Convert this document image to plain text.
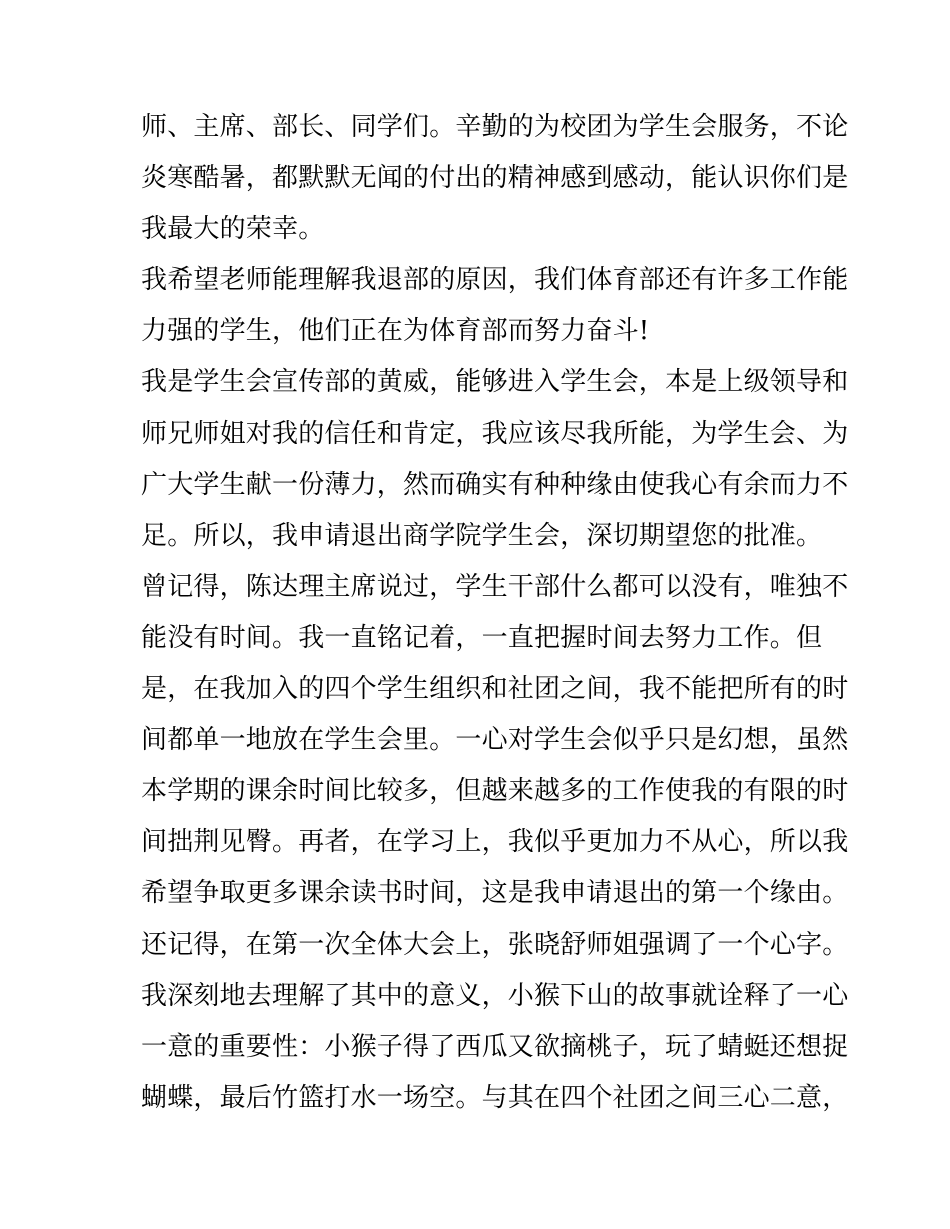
师、主席、部长、同学们。辛勤的为校团为学生会服务，不论
炎寒酷暑，都默默无闻的付出的精神感到感动，能认识你们是
我最大的荣幸。
我希望老师能理解我退部的原因，我们体育部还有许多工作能
力强的学生，他们正在为体育部而努力奋斗!
我是学生会宣传部的黄威，能够进入学生会，本是上级领导和
师兄师姐对我的信任和肯定，我应该尽我所能，为学生会、为
广大学生献一份薄力，然而确实有种种缘由使我心有余而力不
足。所以，我申请退出商学院学生会，深切期望您的批准。
曾记得，陈达理主席说过，学生干部什么都可以没有，唯独不
能没有时间。我一直铭记着，一直把握时间去努力工作。但
是，在我加入的四个学生组织和社团之间，我不能把所有的时
间都单一地放在学生会里。一心对学生会似乎只是幻想，虽然
本学期的课余时间比较多，但越来越多的工作使我的有限的时
间拙荆见臀。再者，在学习上，我似乎更加力不从心，所以我
希望争取更多课余读书时间，这是我申请退出的第一个缘由。
还记得，在第一次全体大会上，张晓舒师姐强调了一个心字。
我深刻地去理解了其中的意义，小猴下山的故事就诠释了一心
一意的重要性：小猴子得了西瓜又欲摘桃子，玩了蜻蜓还想捉
蝴蝶，最后竹篮打水一场空。与其在四个社团之间三心二意，
